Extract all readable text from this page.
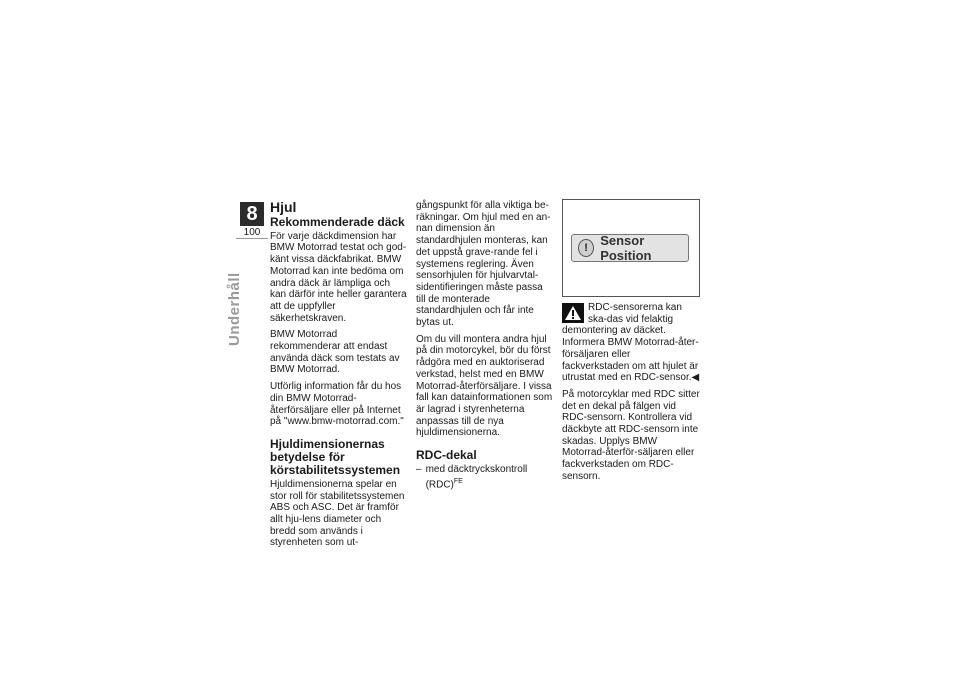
8
100
Underhåll
Hjul
Rekommenderade däck

För varje däckdimension har BMW Motorrad testat och god-känt vissa däckfabrikat. BMW Motorrad kan inte bedöma om andra däck är lämpliga och kan därför inte heller garantera att de uppfyller säkerhetskraven.

BMW Motorrad rekommenderar att endast använda däck som testats av BMW Motorrad.

Utförlig information får du hos din BMW Motorrad-återförsäljare eller på Internet på "www.bmw-motorrad.com."

Hjuldimensionernas betydelse för körstabilitetssystemen

Hjuldimensionerna spelar en stor roll för stabilitetssystemen ABS och ASC. Det är framför allt hju-lens diameter och bredd som används i styrenheten som ut-

gångspunkt för alla viktiga be-räkningar. Om hjul med en an-nan dimension än standardhjulen monteras, kan det uppstå grave-rande fel i systemens reglering. Även sensorhjulen för hjulvarvtal-sidentifieringen måste passa till de monterade standardhjulen och får inte bytas ut.

Om du vill montera andra hjul på din motorcykel, bör du först rådgöra med en auktoriserad verkstad, helst med en BMW Motorrad-återförsäljare. I vissa fall kan datainformationen som är lagrad i styrenheterna anpassas till de nya hjuldimensionerna.

RDC-dekal
– med däcktryckskontroll (RDC)$^{FE}$
! Sensor Position
RDC-sensorerna kan ska-das vid felaktig demontering av däcket.

Informera BMW Motorrad-åter-försäljaren eller fackverkstaden om att hjulet är utrustat med en RDC-sensor.◀

På motorcyklar med RDC sitter det en dekal på fälgen vid RDC-sensorn. Kontrollera vid däckbyte att RDC-sensorn inte skadas. Upplys BMW Motorrad-återför-säljaren eller fackverkstaden om RDC-sensorn.
